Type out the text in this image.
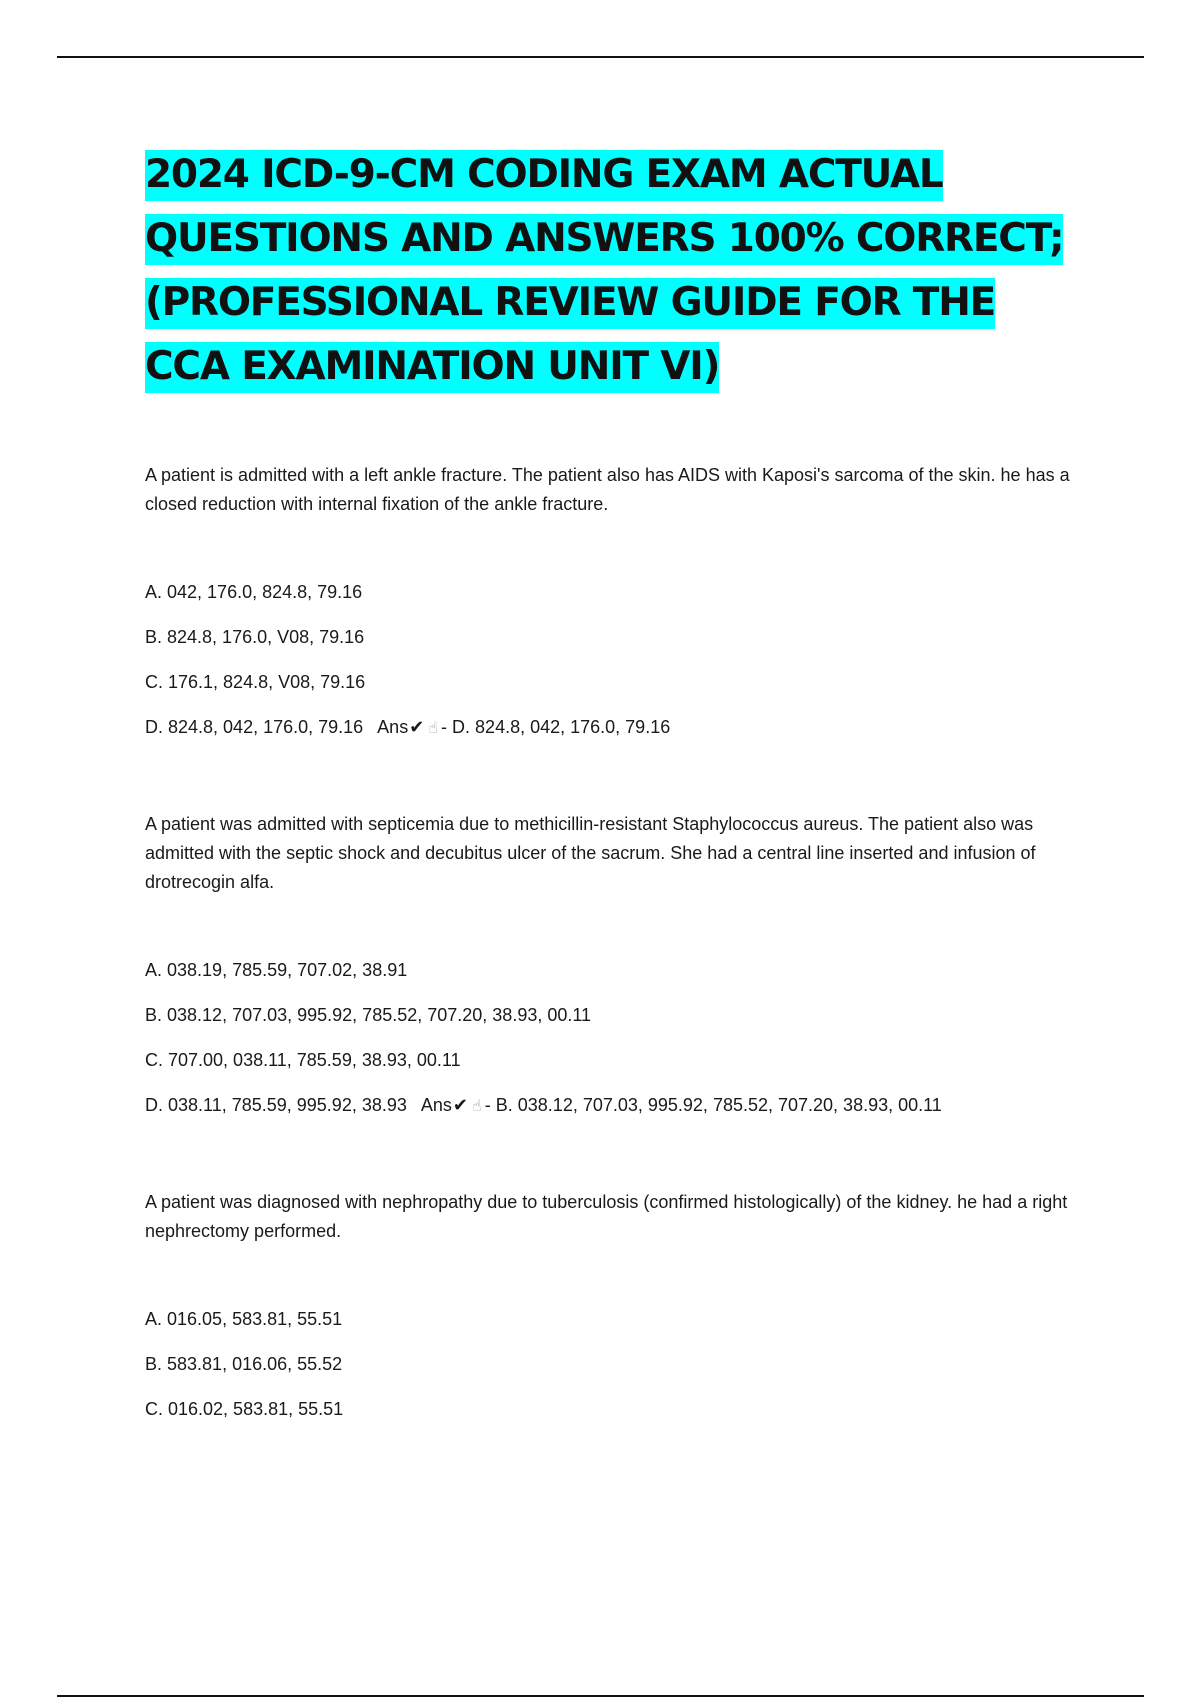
2024 ICD-9-CM CODING EXAM ACTUAL QUESTIONS AND ANSWERS 100% CORRECT; (PROFESSIONAL REVIEW GUIDE FOR THE CCA EXAMINATION UNIT VI)

A patient is admitted with a left ankle fracture. The patient also has AIDS with Kaposi's sarcoma of the skin. he has a closed reduction with internal fixation of the ankle fracture.

A. 042, 176.0, 824.8, 79.16
B. 824.8, 176.0, V08, 79.16
C. 176.1, 824.8, V08, 79.16
D. 824.8, 042, 176.0, 79.16 Ans✔ ☝ - D. 824.8, 042, 176.0, 79.16

A patient was admitted with septicemia due to methicillin-resistant Staphylococcus aureus. The patient also was admitted with the septic shock and decubitus ulcer of the sacrum. She had a central line inserted and infusion of drotrecogin alfa.

A. 038.19, 785.59, 707.02, 38.91
B. 038.12, 707.03, 995.92, 785.52, 707.20, 38.93, 00.11
C. 707.00, 038.11, 785.59, 38.93, 00.11
D. 038.11, 785.59, 995.92, 38.93 Ans✔ ☝ - B. 038.12, 707.03, 995.92, 785.52, 707.20, 38.93, 00.11

A patient was diagnosed with nephropathy due to tuberculosis (confirmed histologically) of the kidney. he had a right nephrectomy performed.

A. 016.05, 583.81, 55.51
B. 583.81, 016.06, 55.52
C. 016.02, 583.81, 55.51
